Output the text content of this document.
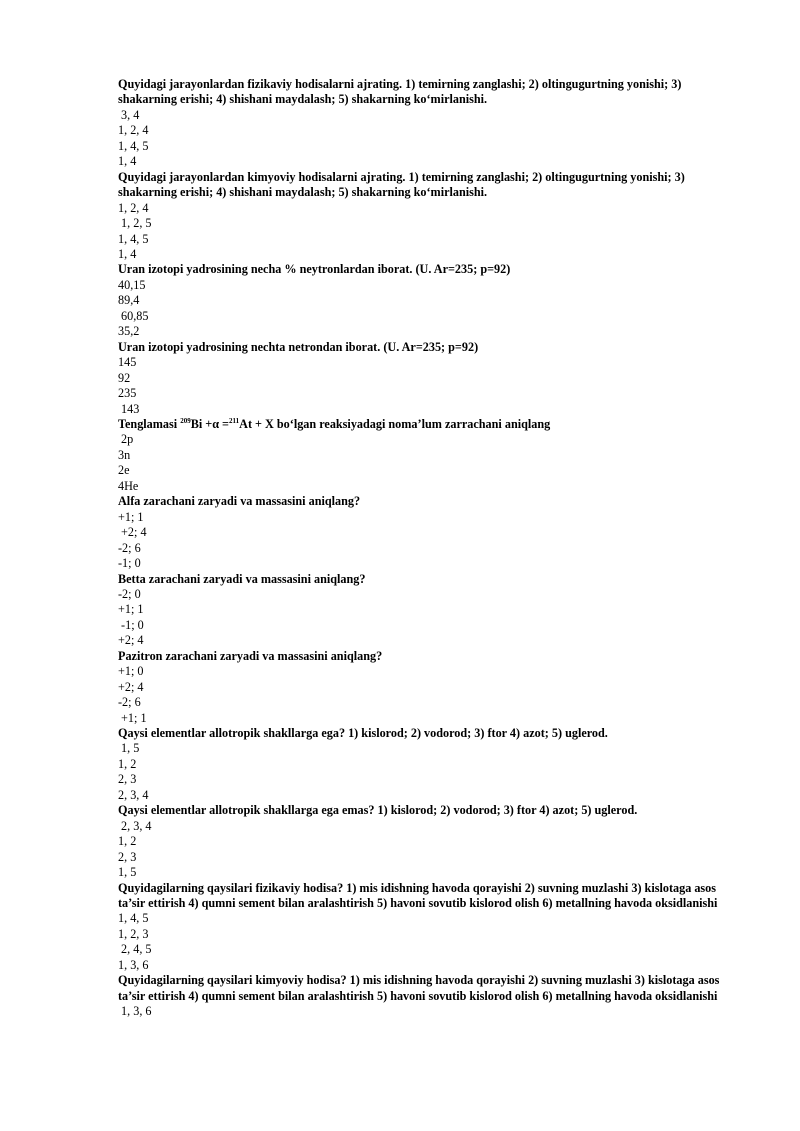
Quyidagi jarayonlardan fizikaviy hodisalarni ajrating. 1) temirning zanglashi; 2) oltingugurtning yonishi; 3) shakarning erishi; 4) shishani maydalash; 5) shakarning ko‘mirlanishi.
3, 4
1, 2, 4
1, 4, 5
1, 4
Quyidagi jarayonlardan kimyoviy hodisalarni ajrating. 1) temirning zanglashi; 2) oltingugurtning yonishi; 3) shakarning erishi; 4) shishani maydalash; 5) shakarning ko‘mirlanishi.
1, 2, 4
1, 2, 5
1, 4, 5
1, 4
Uran izotopi yadrosining necha % neytronlardan iborat. (U. Ar=235; p=92)
40,15
89,4
60,85
35,2
Uran izotopi yadrosining nechta netrondan iborat. (U. Ar=235; p=92)
145
92
235
143
Tenglamasi $^{209}$Bi +α =$^{211}$At + X bo‘lgan reaksiyadagi noma’lum zarrachani aniqlang
2p
3n
2e
4He
Alfa zarachani zaryadi va massasini aniqlang?
+1; 1
+2; 4
-2; 6
-1; 0
Betta zarachani zaryadi va massasini aniqlang?
-2; 0
+1; 1
-1; 0
+2; 4
Pazitron zarachani zaryadi va massasini aniqlang?
+1; 0
+2; 4
-2; 6
+1; 1
Qaysi elementlar allotropik shakllarga ega? 1) kislorod; 2) vodorod; 3) ftor 4) azot; 5) uglerod.
1, 5
1, 2
2, 3
2, 3, 4
Qaysi elementlar allotropik shakllarga ega emas? 1) kislorod; 2) vodorod; 3) ftor 4) azot; 5) uglerod.
2, 3, 4
1, 2
2, 3
1, 5
Quyidagilarning qaysilari fizikaviy hodisa? 1) mis idishning havoda qorayishi 2) suvning muzlashi 3) kislotaga asos ta’sir ettirish 4) qumni sement bilan aralashtirish 5) havoni sovutib kislorod olish 6) metallning havoda oksidlanishi
1, 4, 5
1, 2, 3
2, 4, 5
1, 3, 6
Quyidagilarning qaysilari kimyoviy hodisa? 1) mis idishning havoda qorayishi 2) suvning muzlashi 3) kislotaga asos ta’sir ettirish 4) qumni sement bilan aralashtirish 5) havoni sovutib kislorod olish 6) metallning havoda oksidlanishi
1, 3, 6
